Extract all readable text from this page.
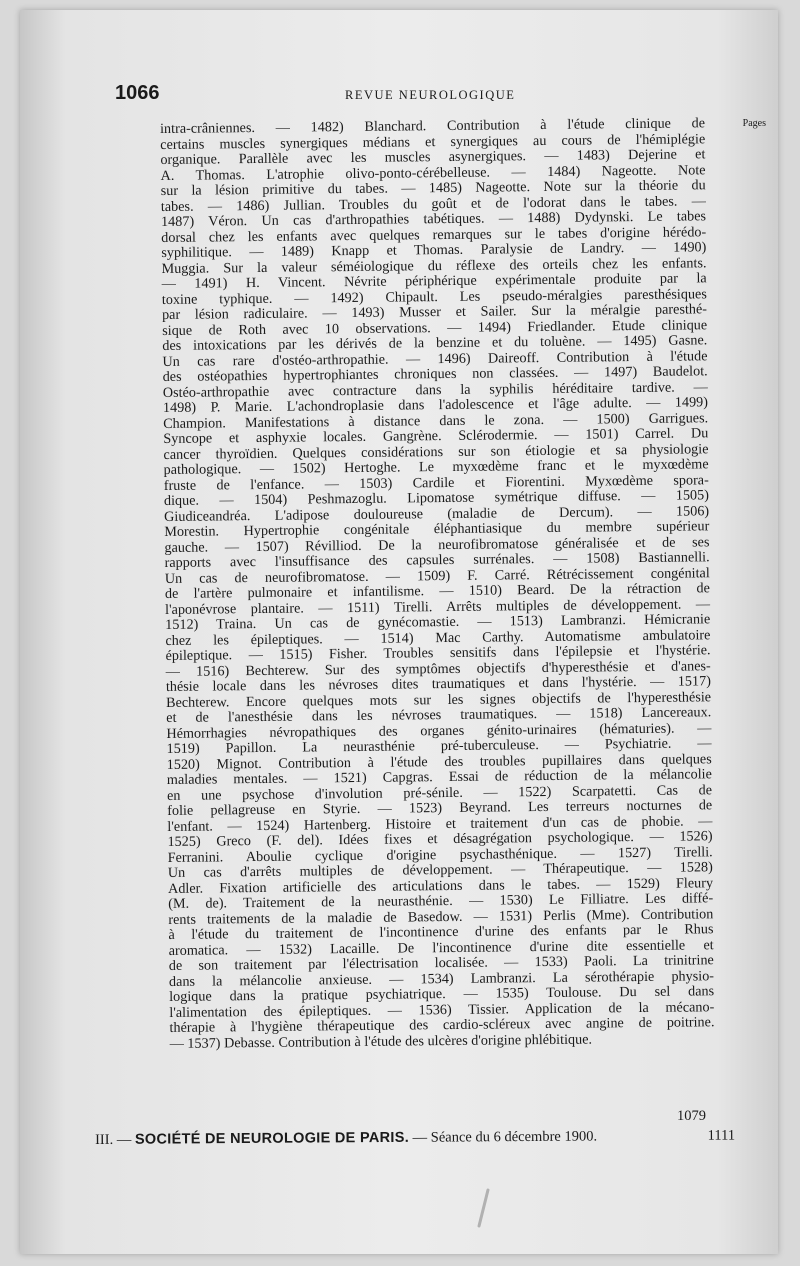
1066	REVUE NEUROLOGIQUE
Pages
intra-crâniennes. — 1482) Blanchard. Contribution à l'étude clinique de
certains muscles synergiques médians et synergiques au cours de l'hémiplégie
organique. Parallèle avec les muscles asynergiques. — 1483) Dejerine et
A. Thomas. L'atrophie olivo-ponto-cérébelleuse. — 1484) Nageotte. Note
sur la lésion primitive du tabes. — 1485) Nageotte. Note sur la théorie du
tabes. — 1486) Jullian. Troubles du goût et de l'odorat dans le tabes. —
1487) Véron. Un cas d'arthropathies tabétiques. — 1488) Dydynski. Le tabes
dorsal chez les enfants avec quelques remarques sur le tabes d'origine hérédo-
syphilitique. — 1489) Knapp et Thomas. Paralysie de Landry. — 1490)
Muggia. Sur la valeur séméiologique du réflexe des orteils chez les enfants.
— 1491) H. Vincent. Névrite périphérique expérimentale produite par la
toxine typhique. — 1492) Chipault. Les pseudo-méralgies paresthésiques
par lésion radiculaire. — 1493) Musser et Sailer. Sur la méralgie paresthé-
sique de Roth avec 10 observations. — 1494) Friedlander. Etude clinique
des intoxications par les dérivés de la benzine et du toluène. — 1495) Gasne.
Un cas rare d'ostéo-arthropathie. — 1496) Daireoff. Contribution à l'étude
des ostéopathies hypertrophiantes chroniques non classées. — 1497) Baudelot.
Ostéo-arthropathie avec contracture dans la syphilis héréditaire tardive. —
1498) P. Marie. L'achondroplasie dans l'adolescence et l'âge adulte. — 1499)
Champion. Manifestations à distance dans le zona. — 1500) Garrigues.
Syncope et asphyxie locales. Gangrène. Sclérodermie. — 1501) Carrel. Du
cancer thyroïdien. Quelques considérations sur son étiologie et sa physiologie
pathologique. — 1502) Hertoghe. Le myxœdème franc et le myxœdème
fruste de l'enfance. — 1503) Cardile et Fiorentini. Myxœdème spora-
dique. — 1504) Peshmazoglu. Lipomatose symétrique diffuse. — 1505)
Giudiceandréa. L'adipose douloureuse (maladie de Dercum). — 1506)
Morestin. Hypertrophie congénitale éléphantiasique du membre supérieur
gauche. — 1507) Révilliod. De la neurofibromatose généralisée et de ses
rapports avec l'insuffisance des capsules surrénales. — 1508) Bastiannelli.
Un cas de neurofibromatose. — 1509) F. Carré. Rétrécissement congénital
de l'artère pulmonaire et infantilisme. — 1510) Beard. De la rétraction de
l'aponévrose plantaire. — 1511) Tirelli. Arrêts multiples de développement. —
1512) Traina. Un cas de gynécomastie. — 1513) Lambranzi. Hémicranie
chez les épileptiques. — 1514) Mac Carthy. Automatisme ambulatoire
épileptique. — 1515) Fisher. Troubles sensitifs dans l'épilepsie et l'hystérie.
— 1516) Bechterew. Sur des symptômes objectifs d'hyperesthésie et d'anes-
thésie locale dans les névroses dites traumatiques et dans l'hystérie. — 1517)
Bechterew. Encore quelques mots sur les signes objectifs de l'hyperesthésie
et de l'anesthésie dans les névroses traumatiques. — 1518) Lancereaux.
Hémorrhagies névropathiques des organes génito-urinaires (hématuries). —
1519) Papillon. La neurasthénie pré-tuberculeuse. — Psychiatrie. —
1520) Mignot. Contribution à l'étude des troubles pupillaires dans quelques
maladies mentales. — 1521) Capgras. Essai de réduction de la mélancolie
en une psychose d'involution pré-sénile. — 1522) Scarpatetti. Cas de
folie pellagreuse en Styrie. — 1523) Beyrand. Les terreurs nocturnes de
l'enfant. — 1524) Hartenberg. Histoire et traitement d'un cas de phobie. —
1525) Greco (F. del). Idées fixes et désagrégation psychologique. — 1526)
Ferranini. Aboulie cyclique d'origine psychasthénique. — 1527) Tirelli.
Un cas d'arrêts multiples de développement. — Thérapeutique. — 1528)
Adler. Fixation artificielle des articulations dans le tabes. — 1529) Fleury
(M. de). Traitement de la neurasthénie. — 1530) Le Filliatre. Les diffé-
rents traitements de la maladie de Basedow. — 1531) Perlis (Mme). Contribution
à l'étude du traitement de l'incontinence d'urine des enfants par le Rhus
aromatica. — 1532) Lacaille. De l'incontinence d'urine dite essentielle et
de son traitement par l'électrisation localisée. — 1533) Paoli. La trinitrine
dans la mélancolie anxieuse. — 1534) Lambranzi. La sérothérapie physio-
logique dans la pratique psychiatrique. — 1535) Toulouse. Du sel dans
l'alimentation des épileptiques. — 1536) Tissier. Application de la mécano-
thérapie à l'hygiène thérapeutique des cardio-scléreux avec angine de poitrine.
— 1537) Debasse. Contribution à l'étude des ulcères d'origine phlébitique.
1079
III. — SOCIÉTÉ DE NEUROLOGIE DE PARIS. — Séance du 6 décembre 1900.	1111
